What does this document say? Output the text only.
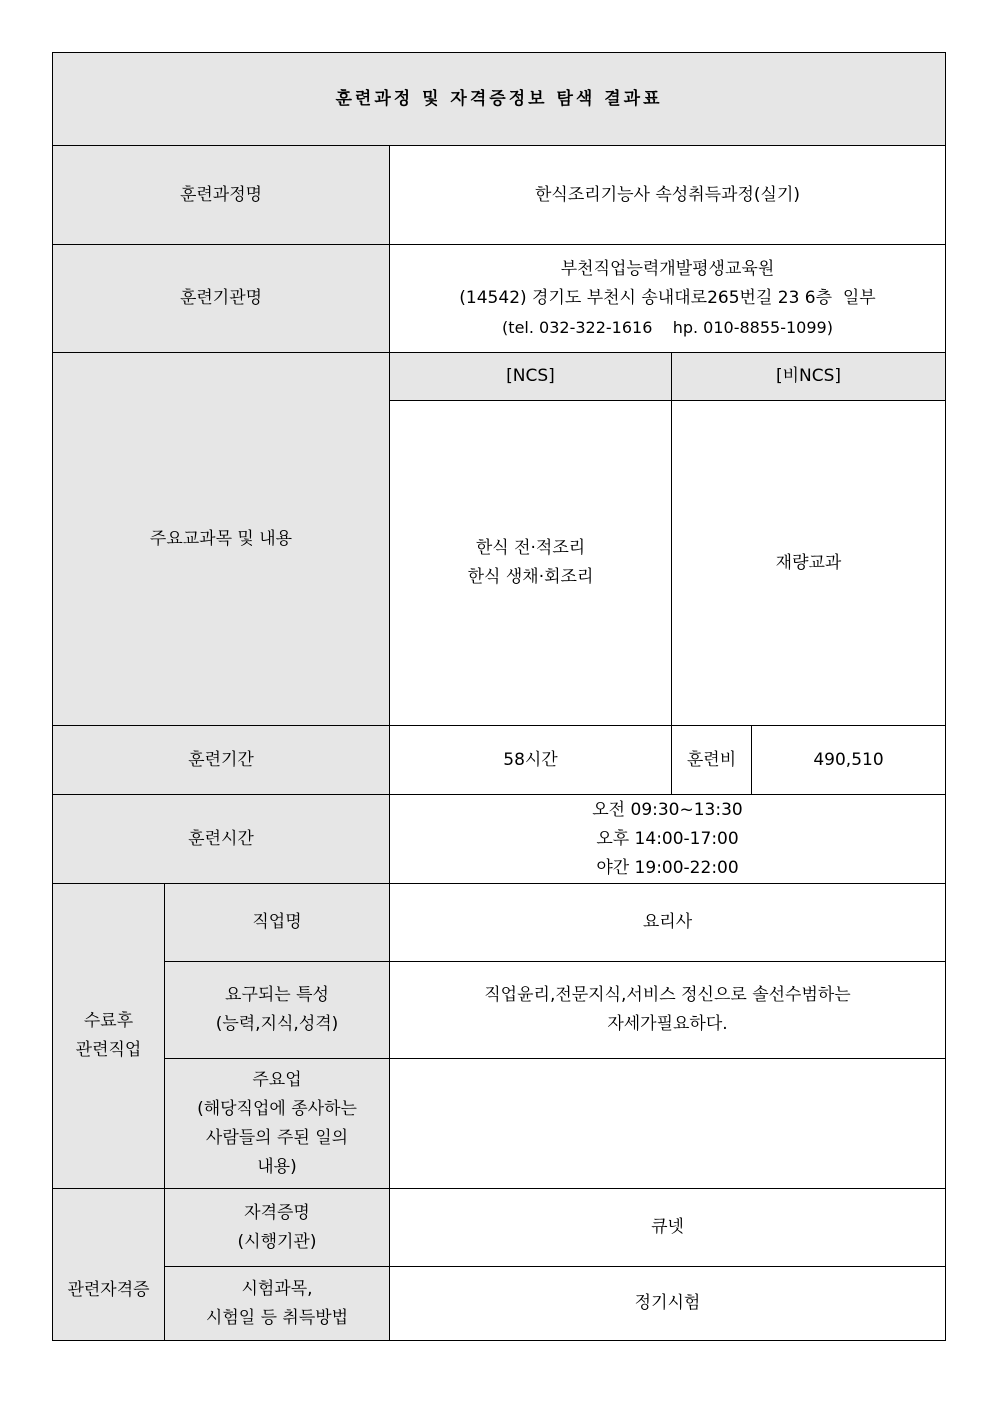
훈련과정 및 자격증정보 탐색 결과표				
훈련과정명		한식조리기능사 속성취득과정(실기)		
훈련기관명		부천직업능력개발평생교육원
(14542) 경기도 부천시 송내대로265번길 23 6층  일부
(tel. 032-322-1616    hp. 010-8855-1099)		

주요교과목 및 내용		[NCS]	[비NCS]	

		한식 전·적조리
한식 생채·회조리	재량교과	

훈련기간		58시간	훈련비	490,510
훈련시간		오전 09:30~13:30
오후 14:00-17:00
야간 19:00-22:00		

수료후
관련직업	직업명	요리사		

	요구되는 특성
(능력,지식,성격)	직업윤리,전문지식,서비스 정신으로 솔선수범하는
자세가필요하다.		

	주요업
(해당직업에 종사하는
사람들의 주된 일의
내용)			

관련자격증	자격증명
(시행기관)	큐넷		

	시험과목,
시험일 등 취득방법	정기시험		
